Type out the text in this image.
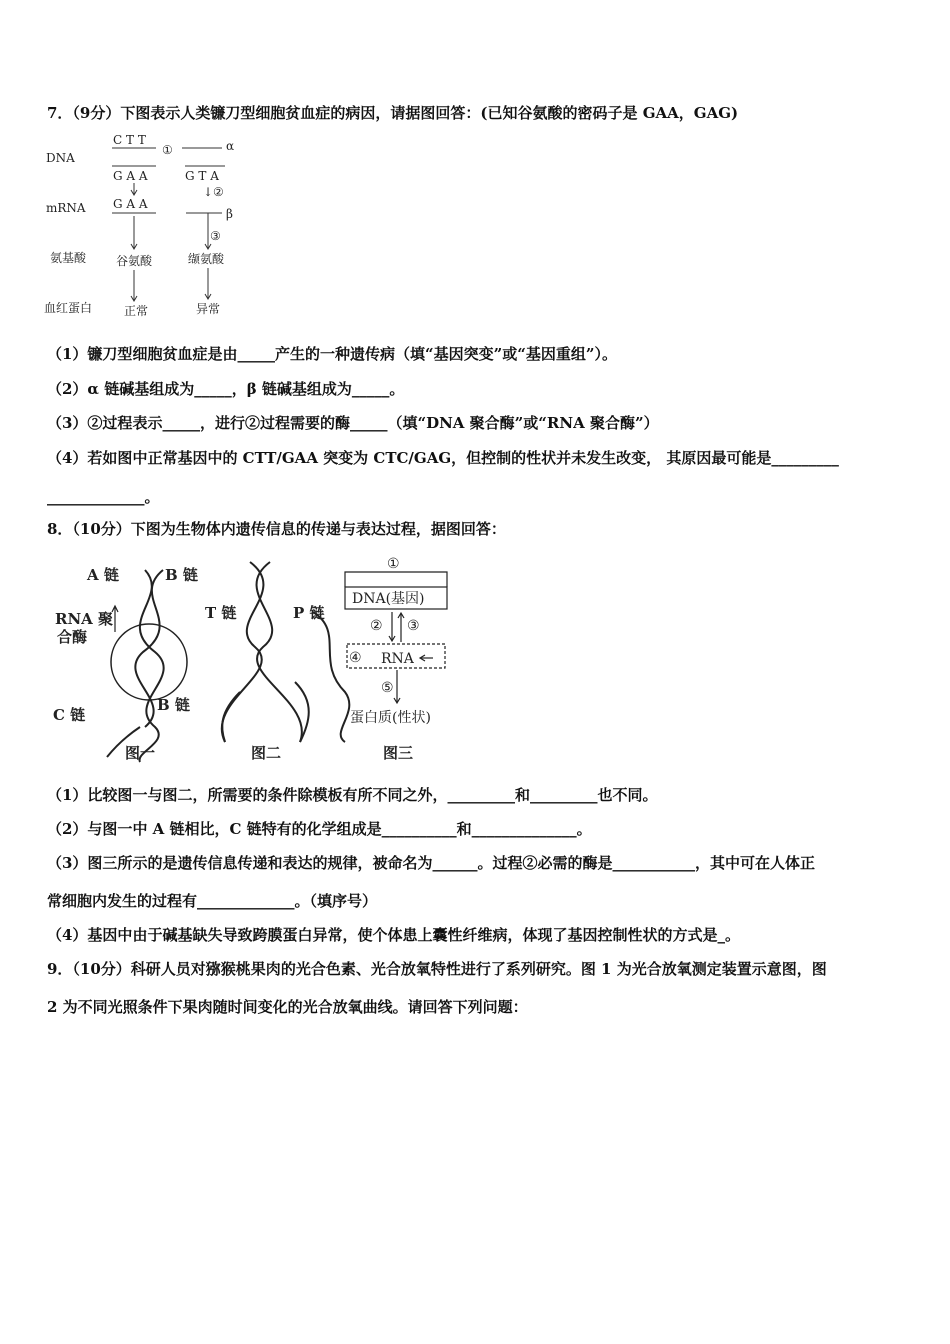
7．（9分）下图表示人类镰刀型细胞贫血症的病因，请据图回答：(已知谷氨酸的密码子是 GAA，GAG)
DNA
mRNA
氨基酸
血红蛋白
C T T
①	α
G A A	G T A
↓②
G A A
β
③
谷氨酸	缬氨酸
正常	异常
（1）镰刀型细胞贫血症是由_____产生的一种遗传病（填“基因突变”或“基因重组”）。
（2）α 链碱基组成为_____，β 链碱基组成为_____。
（3）②过程表示_____，进行②过程需要的酶_____（填“DNA 聚合酶”或“RNA 聚合酶”）
（4）若如图中正常基因中的 CTT/GAA 突变为 CTC/GAG，但控制的性状并未发生改变， 其原因最可能是_________
_____________。
8．（10分）下图为生物体内遗传信息的传递与表达过程，据图回答：
A 链	B 链
RNA 聚
合酶
C 链
B 链
图一
T 链	P 链
图二
①
DNA(基因)
② ③
④ RNA
⑤
蛋白质(性状)
图三
（1）比较图一与图二，所需要的条件除模板有所不同之外，_________和_________也不同。
（2）与图一中 A 链相比，C 链特有的化学组成是__________和______________。
（3）图三所示的是遗传信息传递和表达的规律，被命名为______。过程②必需的酶是___________，其中可在人体正
常细胞内发生的过程有_____________。（填序号）
（4）基因中由于碱基缺失导致跨膜蛋白异常，使个体患上囊性纤维病，体现了基因控制性状的方式是_。
9．（10分）科研人员对猕猴桃果肉的光合色素、光合放氧特性进行了系列研究。图 1 为光合放氧测定装置示意图，图
2 为不同光照条件下果肉随时间变化的光合放氧曲线。请回答下列问题：
